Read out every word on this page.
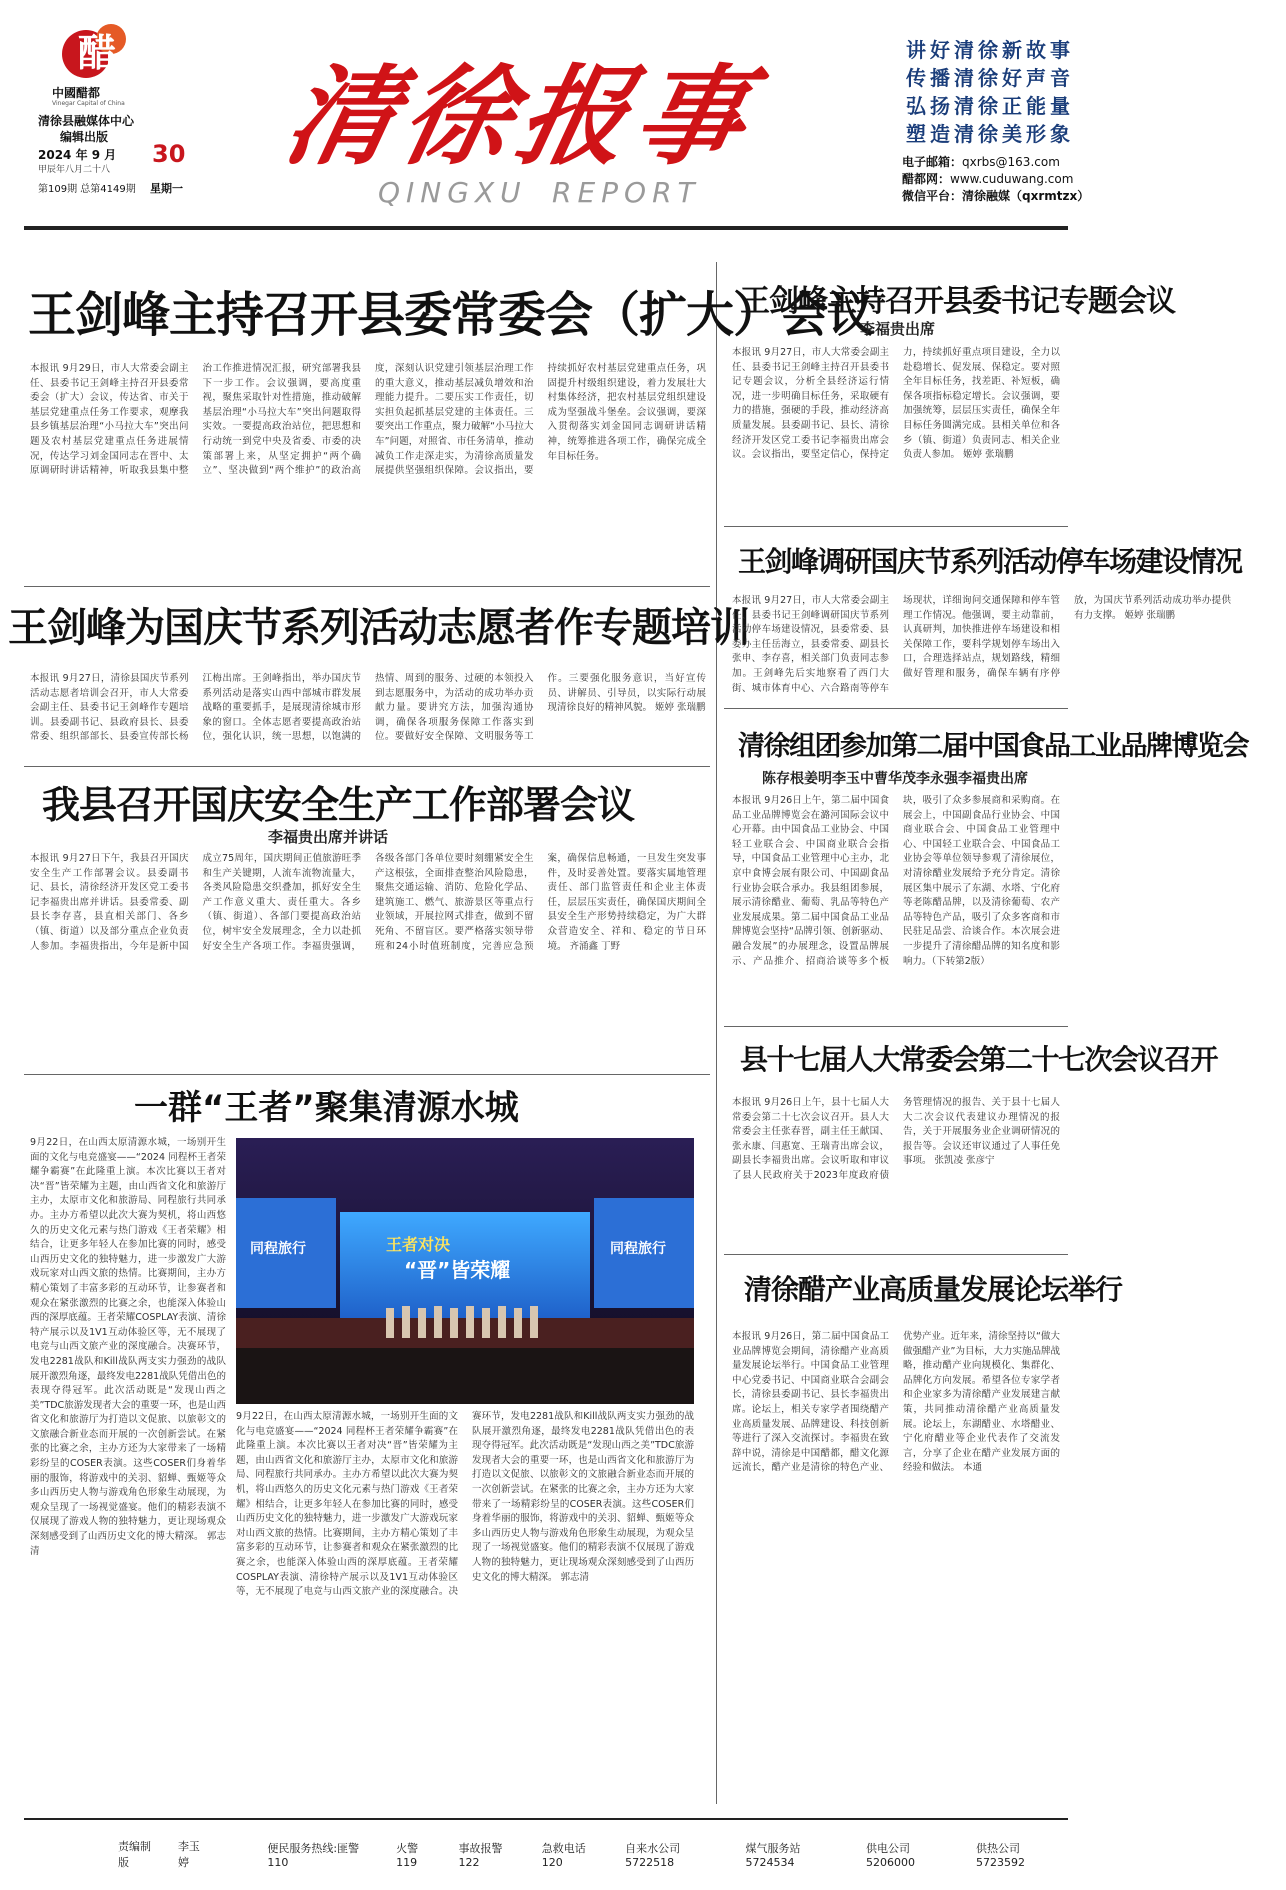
醋
中國醋都
Vinegar Capital of China
清徐县融媒体中心
编辑出版
2024 年 9 月
甲辰年八月二十八
30
第109期 总第4149期 星期一
清徐报事
QINGXU REPORT
讲好清徐新故事
传播清徐好声音
弘扬清徐正能量
塑造清徐美形象
电子邮箱：qxrbs@163.com
醋都网：www.cuduwang.com
微信平台：清徐融媒（qxrmtzx）
王剑峰主持召开县委常委会（扩大）会议
本报讯 9月29日，市人大常委会副主任、县委书记王剑峰主持召开县委常委会（扩大）会议，传达省、市关于基层党建重点任务工作要求，观摩我县乡镇基层治理“小马拉大车”突出问题及农村基层党建重点任务进展情况，传达学习刘金国同志在晋中、太原调研时讲话精神，听取我县集中整治工作推进情况汇报，研究部署我县下一步工作。会议强调，要高度重视，聚焦采取针对性措施，推动破解基层治理“小马拉大车”突出问题取得实效。一要提高政治站位，把思想和行动统一到党中央及省委、市委的决策部署上来，从坚定拥护“两个确立”、坚决做到“两个维护”的政治高度，深刻认识党建引领基层治理工作的重大意义，推动基层减负增效和治理能力提升。二要压实工作责任，切实担负起抓基层党建的主体责任。三要突出工作重点，聚力破解“小马拉大车”问题，对照省、市任务清单，推动减负工作走深走实，为清徐高质量发展提供坚强组织保障。会议指出，要持续抓好农村基层党建重点任务，巩固提升村级组织建设，着力发展壮大村集体经济，把农村基层党组织建设成为坚强战斗堡垒。会议强调，要深入贯彻落实刘金国同志调研讲话精神，统筹推进各项工作，确保完成全年目标任务。
王剑峰主持召开县委书记专题会议
李福贵出席
本报讯 9月27日，市人大常委会副主任、县委书记王剑峰主持召开县委书记专题会议，分析全县经济运行情况，进一步明确目标任务，采取硬有力的措施，强硬的手段，推动经济高质量发展。县委副书记、县长、清徐经济开发区党工委书记李福贵出席会议。会议指出，要坚定信心，保持定力，持续抓好重点项目建设，全力以赴稳增长、促发展、保稳定。要对照全年目标任务，找差距、补短板，确保各项指标稳定增长。会议强调，要加强统筹，层层压实责任，确保全年目标任务圆满完成。县相关单位和各乡（镇、街道）负责同志、相关企业负责人参加。 姬婷 张瑞鹏
王剑峰为国庆节系列活动志愿者作专题培训
本报讯 9月27日，清徐县国庆节系列活动志愿者培训会召开，市人大常委会副主任、县委书记王剑峰作专题培训。县委副书记、县政府县长、县委常委、组织部部长、县委宣传部长杨江梅出席。王剑峰指出，举办国庆节系列活动是落实山西中部城市群发展战略的重要抓手，是展现清徐城市形象的窗口。全体志愿者要提高政治站位，强化认识，统一思想，以饱满的热情、周到的服务、过硬的本领投入到志愿服务中，为活动的成功举办贡献力量。要讲究方法，加强沟通协调，确保各项服务保障工作落实到位。要做好安全保障、文明服务等工作。三要强化服务意识，当好宣传员、讲解员、引导员，以实际行动展现清徐良好的精神风貌。 姬婷 张瑞鹏
王剑峰调研国庆节系列活动停车场建设情况
本报讯 9月27日，市人大常委会副主任、县委书记王剑峰调研国庆节系列活动停车场建设情况，县委常委、县委办主任岳海立，县委常委、副县长张申、李存喜，相关部门负责同志参加。王剑峰先后实地察看了西门大街、城市体育中心、六合路南等停车场现状，详细询问交通保障和停车管理工作情况。他强调，要主动靠前，认真研判，加快推进停车场建设和相关保障工作，要科学规划停车场出入口，合理选择站点，规划路线，精细做好管理和服务，确保车辆有序停放，为国庆节系列活动成功举办提供有力支撑。 姬婷 张瑞鹏
我县召开国庆安全生产工作部署会议
李福贵出席并讲话
本报讯 9月27日下午，我县召开国庆安全生产工作部署会议。县委副书记、县长，清徐经济开发区党工委书记李福贵出席并讲话。县委常委、副县长李存喜，县直相关部门、各乡（镇、街道）以及部分重点企业负责人参加。李福贵指出，今年是新中国成立75周年，国庆期间正值旅游旺季和生产关键期，人流车流物流量大，各类风险隐患交织叠加，抓好安全生产工作意义重大、责任重大。各乡（镇、街道）、各部门要提高政治站位，树牢安全发展理念，全力以赴抓好安全生产各项工作。李福贵强调，各级各部门各单位要时刻绷紧安全生产这根弦，全面排查整治风险隐患，聚焦交通运输、消防、危险化学品、建筑施工、燃气、旅游景区等重点行业领域，开展拉网式排查，做到不留死角、不留盲区。要严格落实领导带班和24小时值班制度，完善应急预案，确保信息畅通，一旦发生突发事件，及时妥善处置。要落实属地管理责任、部门监管责任和企业主体责任，层层压实责任，确保国庆期间全县安全生产形势持续稳定，为广大群众营造安全、祥和、稳定的节日环境。 齐涌鑫 丁野
清徐组团参加第二届中国食品工业品牌博览会
陈存根姜明李玉中曹华茂李永强李福贵出席
本报讯 9月26日上午，第二届中国食品工业品牌博览会在潞河国际会议中心开幕。由中国食品工业协会、中国轻工业联合会、中国商业联合会指导，中国食品工业管理中心主办，北京中食博会展有限公司、中国副食品行业协会联合承办。我县组团参展，展示清徐醋业、葡萄、乳品等特色产业发展成果。第二届中国食品工业品牌博览会坚持“品牌引领、创新驱动、融合发展”的办展理念，设置品牌展示、产品推介、招商洽谈等多个板块，吸引了众多参展商和采购商。在展会上，中国副食品行业协会、中国商业联合会、中国食品工业管理中心、中国轻工业联合会、中国食品工业协会等单位领导参观了清徐展位，对清徐醋业发展给予充分肯定。清徐展区集中展示了东湖、水塔、宁化府等老陈醋品牌，以及清徐葡萄、农产品等特色产品，吸引了众多客商和市民驻足品尝、洽谈合作。本次展会进一步提升了清徐醋品牌的知名度和影响力。（下转第2版）
县十七届人大常委会第二十七次会议召开
本报讯 9月26日上午，县十七届人大常委会第二十七次会议召开。县人大常委会主任张春晋，副主任王献国、张永康、闫惠宽、王瑞青出席会议，副县长李福贵出席。会议听取和审议了县人民政府关于2023年度政府债务管理情况的报告、关于县十七届人大二次会议代表建议办理情况的报告，关于开展服务业企业调研情况的报告等。会议还审议通过了人事任免事项。 张凯凌 张彦宁
一群“王者”聚集清源水城
9月22日，在山西太原清源水城，一场别开生面的文化与电竞盛宴——“2024 同程杯王者荣耀争霸赛”在此隆重上演。本次比赛以王者对决“晋”皆荣耀为主题，由山西省文化和旅游厅主办，太原市文化和旅游局、同程旅行共同承办。主办方希望以此次大赛为契机，将山西悠久的历史文化元素与热门游戏《王者荣耀》相结合，让更多年轻人在参加比赛的同时，感受山西历史文化的独特魅力，进一步激发广大游戏玩家对山西文旅的热情。比赛期间，主办方精心策划了丰富多彩的互动环节，让参赛者和观众在紧张激烈的比赛之余，也能深入体验山西的深厚底蕴。王者荣耀COSPLAY表演、清徐特产展示以及1V1互动体验区等，无不展现了电竞与山西文旅产业的深度融合。决赛环节，发电2281战队和Kill战队两支实力强劲的战队展开激烈角逐，最终发电2281战队凭借出色的表现夺得冠军。此次活动既是“发现山西之美”TDC旅游发现者大会的重要一环，也是山西省文化和旅游厅为打造以文促旅、以旅彰文的文旅融合新业态而开展的一次创新尝试。在紧张的比赛之余，主办方还为大家带来了一场精彩纷呈的COSER表演。这些COSER们身着华丽的服饰，将游戏中的关羽、貂蝉、甄姬等众多山西历史人物与游戏角色形象生动展现，为观众呈现了一场视觉盛宴。他们的精彩表演不仅展现了游戏人物的独特魅力，更让现场观众深刻感受到了山西历史文化的博大精深。 郭志清
王者对决
“晋”皆荣耀
同程旅行	同程旅行
9月22日，在山西太原清源水城，一场别开生面的文化与电竞盛宴——“2024 同程杯王者荣耀争霸赛”在此隆重上演。本次比赛以王者对决“晋”皆荣耀为主题，由山西省文化和旅游厅主办，太原市文化和旅游局、同程旅行共同承办。主办方希望以此次大赛为契机，将山西悠久的历史文化元素与热门游戏《王者荣耀》相结合，让更多年轻人在参加比赛的同时，感受山西历史文化的独特魅力，进一步激发广大游戏玩家对山西文旅的热情。比赛期间，主办方精心策划了丰富多彩的互动环节，让参赛者和观众在紧张激烈的比赛之余，也能深入体验山西的深厚底蕴。王者荣耀COSPLAY表演、清徐特产展示以及1V1互动体验区等，无不展现了电竞与山西文旅产业的深度融合。决赛环节，发电2281战队和Kill战队两支实力强劲的战队展开激烈角逐，最终发电2281战队凭借出色的表现夺得冠军。此次活动既是“发现山西之美”TDC旅游发现者大会的重要一环，也是山西省文化和旅游厅为打造以文促旅、以旅彰文的文旅融合新业态而开展的一次创新尝试。在紧张的比赛之余，主办方还为大家带来了一场精彩纷呈的COSER表演。这些COSER们身着华丽的服饰，将游戏中的关羽、貂蝉、甄姬等众多山西历史人物与游戏角色形象生动展现，为观众呈现了一场视觉盛宴。他们的精彩表演不仅展现了游戏人物的独特魅力，更让现场观众深刻感受到了山西历史文化的博大精深。 郭志清
清徐醋产业高质量发展论坛举行
本报讯 9月26日，第二届中国食品工业品牌博览会期间，清徐醋产业高质量发展论坛举行。中国食品工业管理中心党委书记、中国商业联合会副会长，清徐县委副书记、县长李福贵出席。论坛上，相关专家学者围绕醋产业高质量发展、品牌建设、科技创新等进行了深入交流探讨。李福贵在致辞中说，清徐是中国醋都，醋文化源远流长，醋产业是清徐的特色产业、优势产业。近年来，清徐坚持以“做大做强醋产业”为目标，大力实施品牌战略，推动醋产业向规模化、集群化、品牌化方向发展。希望各位专家学者和企业家多为清徐醋产业发展建言献策，共同推动清徐醋产业高质量发展。论坛上，东湖醋业、水塔醋业、宁化府醋业等企业代表作了交流发言，分享了企业在醋产业发展方面的经验和做法。 本通
责编制版
李玉婷
便民服务热线:匪警 110
火警 119
事故报警 122
急救电话 120
自来水公司 5722518
煤气服务站 5724534
供电公司 5206000
供热公司 5723592
